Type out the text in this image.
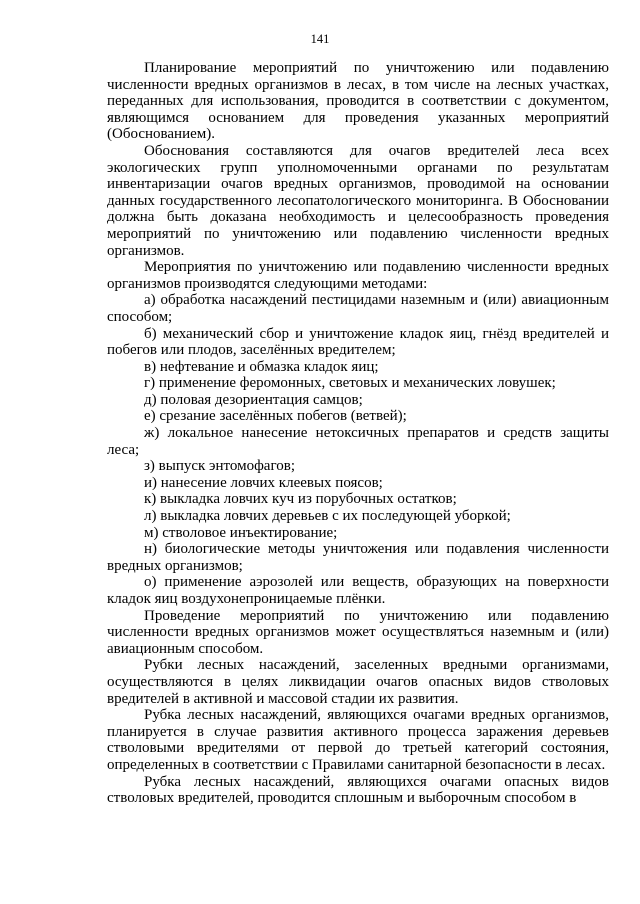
141

Планирование мероприятий по уничтожению или подавлению численности вредных организмов в лесах, в том числе на лесных участках, переданных для использования, проводится в соответствии с документом, являющимся основанием для проведения указанных мероприятий (Обоснованием).

Обоснования составляются для очагов вредителей леса всех экологических групп уполномоченными органами по результатам инвентаризации очагов вредных организмов, проводимой на основании данных государственного лесопатологического мониторинга. В Обосновании должна быть доказана необходимость и целесообразность проведения мероприятий по уничтожению или подавлению численности вредных организмов.

Мероприятия по уничтожению или подавлению численности вредных организмов производятся следующими методами:

а) обработка насаждений пестицидами наземным и (или) авиационным способом;

б) механический сбор и уничтожение кладок яиц, гнёзд вредителей и побегов или плодов, заселённых вредителем;

в) нефтевание и обмазка кладок яиц;

г) применение феромонных, световых и механических ловушек;

д) половая дезориентация самцов;

е) срезание заселённых побегов (ветвей);

ж) локальное нанесение нетоксичных препаратов и средств защиты леса;

з) выпуск энтомофагов;

и) нанесение ловчих клеевых поясов;

к) выкладка ловчих куч из порубочных остатков;

л) выкладка ловчих деревьев с их последующей уборкой;

м) стволовое инъектирование;

н) биологические методы уничтожения или подавления численности вредных организмов;

о) применение аэрозолей или веществ, образующих на поверхности кладок яиц воздухонепроницаемые плёнки.

Проведение мероприятий по уничтожению или подавлению численности вредных организмов может осуществляться наземным и (или) авиационным способом.

Рубки лесных насаждений, заселенных вредными организмами, осуществляются в целях ликвидации очагов опасных видов стволовых вредителей в активной и массовой стадии их развития.

Рубка лесных насаждений, являющихся очагами вредных организмов, планируется в случае развития активного процесса заражения деревьев стволовыми вредителями от первой до третьей категорий состояния, определенных в соответствии с Правилами санитарной безопасности в лесах.

Рубка лесных насаждений, являющихся очагами опасных видов стволовых вредителей, проводится сплошным и выборочным способом в
